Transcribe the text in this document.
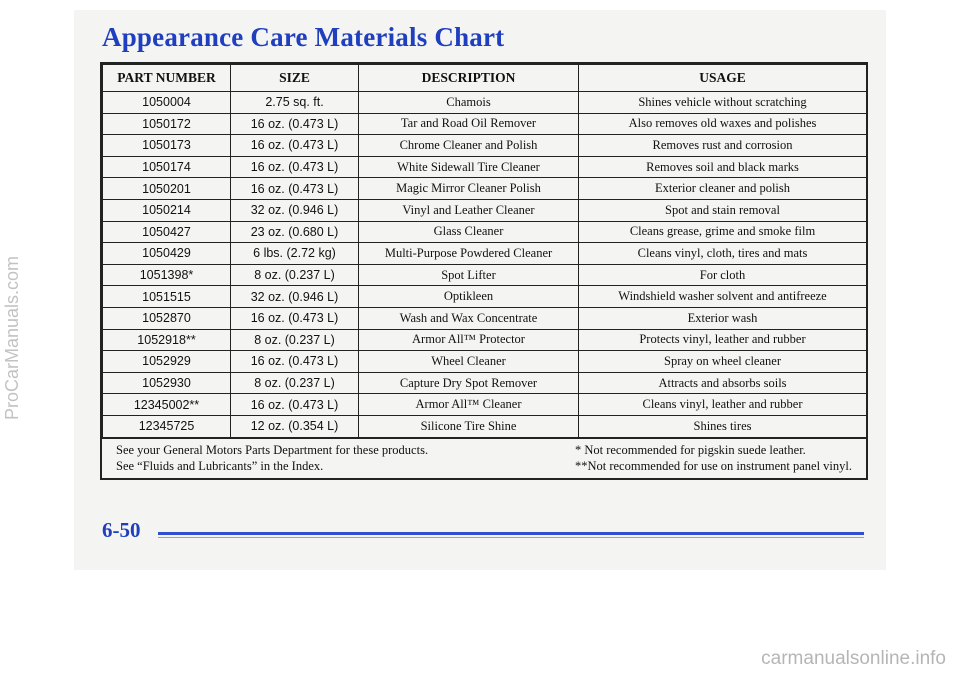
Appearance Care Materials Chart
PART NUMBER	SIZE	DESCRIPTION	USAGE
1050004	2.75 sq. ft.	Chamois	Shines vehicle without scratching
1050172	16 oz. (0.473 L)	Tar and Road Oil Remover	Also removes old waxes and polishes
1050173	16 oz. (0.473 L)	Chrome Cleaner and Polish	Removes rust and corrosion
1050174	16 oz. (0.473 L)	White Sidewall Tire Cleaner	Removes soil and black marks
1050201	16 oz. (0.473 L)	Magic Mirror Cleaner Polish	Exterior cleaner and polish
1050214	32 oz. (0.946 L)	Vinyl and Leather Cleaner	Spot and stain removal
1050427	23 oz. (0.680 L)	Glass Cleaner	Cleans grease, grime and smoke film
1050429	6 lbs. (2.72 kg)	Multi-Purpose Powdered Cleaner	Cleans vinyl, cloth, tires and mats
1051398*	8 oz. (0.237 L)	Spot Lifter	For cloth
1051515	32 oz. (0.946 L)	Optikleen	Windshield washer solvent and antifreeze
1052870	16 oz. (0.473 L)	Wash and Wax Concentrate	Exterior wash
1052918**	8 oz. (0.237 L)	Armor All™ Protector	Protects vinyl, leather and rubber
1052929	16 oz. (0.473 L)	Wheel Cleaner	Spray on wheel cleaner
1052930	8 oz. (0.237 L)	Capture Dry Spot Remover	Attracts and absorbs soils
12345002**	16 oz. (0.473 L)	Armor All™ Cleaner	Cleans vinyl, leather and rubber
12345725	12 oz. (0.354 L)	Silicone Tire Shine	Shines tires
See your General Motors Parts Department for these products.
See “Fluids and Lubricants” in the Index.
* Not recommended for pigskin suede leather.
**Not recommended for use on instrument panel vinyl.
6-50
ProCarManuals.com
carmanualsonline.info
